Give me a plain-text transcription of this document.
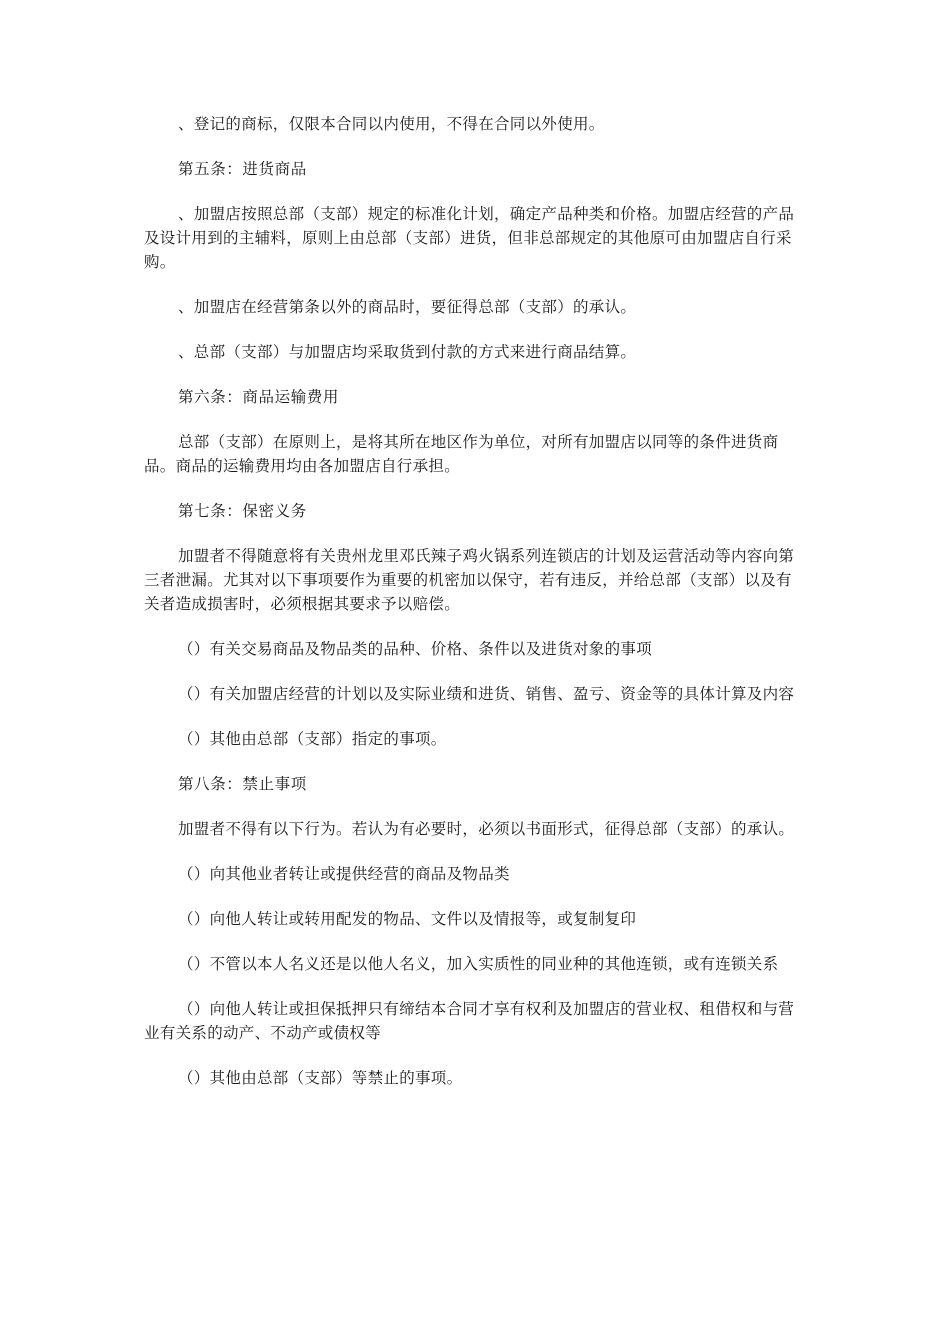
、登记的商标，仅限本合同以内使用，不得在合同以外使用。

第五条：进货商品

、加盟店按照总部（支部）规定的标准化计划，确定产品种类和价格。加盟店经营的产品及设计用到的主辅料，原则上由总部（支部）进货，但非总部规定的其他原可由加盟店自行采购。

、加盟店在经营第条以外的商品时，要征得总部（支部）的承认。

、总部（支部）与加盟店均采取货到付款的方式来进行商品结算。

第六条：商品运输费用

总部（支部）在原则上，是将其所在地区作为单位，对所有加盟店以同等的条件进货商品。商品的运输费用均由各加盟店自行承担。

第七条：保密义务

加盟者不得随意将有关贵州龙里邓氏辣子鸡火锅系列连锁店的计划及运营活动等内容向第三者泄漏。尤其对以下事项要作为重要的机密加以保守，若有违反，并给总部（支部）以及有关者造成损害时，必须根据其要求予以赔偿。

（）有关交易商品及物品类的品种、价格、条件以及进货对象的事项

（）有关加盟店经营的计划以及实际业绩和进货、销售、盈亏、资金等的具体计算及内容

（）其他由总部（支部）指定的事项。

第八条：禁止事项

加盟者不得有以下行为。若认为有必要时，必须以书面形式，征得总部（支部）的承认。

（）向其他业者转让或提供经营的商品及物品类

（）向他人转让或转用配发的物品、文件以及情报等，或复制复印

（）不管以本人名义还是以他人名义，加入实质性的同业种的其他连锁，或有连锁关系

（）向他人转让或担保抵押只有缔结本合同才享有权利及加盟店的营业权、租借权和与营业有关系的动产、不动产或债权等

（）其他由总部（支部）等禁止的事项。
